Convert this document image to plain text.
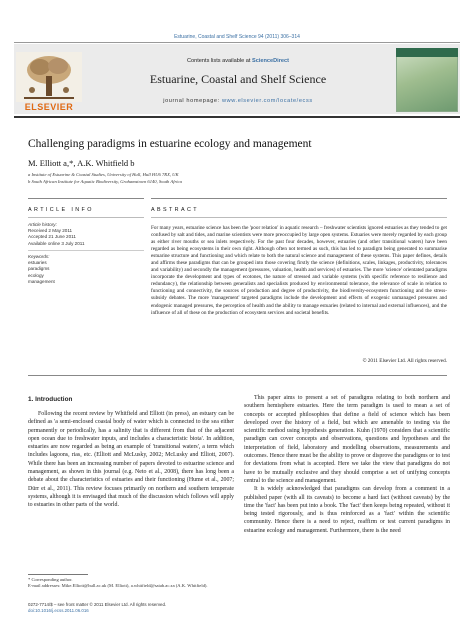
Estuarine, Coastal and Shelf Science 94 (2011) 306–314
ELSEVIER
Contents lists available at ScienceDirect
Estuarine, Coastal and Shelf Science
journal homepage: www.elsevier.com/locate/ecss
Challenging paradigms in estuarine ecology and management
M. Elliott a,*, A.K. Whitfield b
a Institute of Estuarine & Coastal Studies, University of Hull, Hull HU6 7RX, UK
b South African Institute for Aquatic Biodiversity, Grahamstown 6140, South Africa
ARTICLE INFO	ABSTRACT
Article history:
Received 2 May 2011
Accepted 21 June 2011
Available online 3 July 2011
Keywords:
estuaries
paradigms
ecology
management
For many years, estuarine science has been the 'poor relation' in aquatic research – freshwater scientists ignored estuaries as they tended to get confused by salt and tides, and marine scientists were more preoccupied by large open systems. Estuaries were merely regarded by each group as either river mouths or sea inlets respectively. For the past four decades, however, estuaries (and other transitional waters) have been regarded as being ecosystems in their own right. Although often not termed as such, this has led to paradigm being generated to summarise estuarine structure and functioning and which relate to both the natural science and management of these systems. This paper defines, details and affirms these paradigms that can be grouped into those covering firstly the science (definitions, scales, linkages, productivity, tolerances and variability) and secondly the management (pressures, valuation, health and services) of estuaries. The more 'science' orientated paradigms incorporate the development and types of ecotones, the nature of stressed and variable systems (with specific reference to resilience and redundancy), the relationship between generalists and specialists produced by environmental tolerance, the relevance of scale in relation to functioning and connectivity, the sources of production and degree of productivity, the biodiversity-ecosystem functioning and the stress-subsidy debates. The more 'management' targeted paradigms include the development and effects of exogenic unmanaged pressures and endogenic managed pressures, the perception of health and the ability to manage estuaries (related to internal and external influences), and the influence of all of these on the production of ecosystem services and societal benefits.
© 2011 Elsevier Ltd. All rights reserved.
1. Introduction

Following the recent review by Whitfield and Elliott (in press), an estuary can be defined as 'a semi-enclosed coastal body of water which is connected to the sea either permanently or periodically, has a salinity that is different from that of the adjacent open ocean due to freshwater inputs, and includes a characteristic biota'. In addition, estuaries are now regarded as being an example of 'transitional waters', a term which includes lagoons, rias, etc. (Elliott and McLusky, 2002; McLusky and Elliott, 2007). While there has been an increasing number of papers devoted to estuarine science and management, as shown in this journal (e.g. Neto et al., 2008), there has long been a debate about the characteristics of estuaries and their functioning (Hume et al., 2007; Dürr et al., 2011). This review focuses primarily on northern and southern temperate systems, although it is envisaged that much of the discussion which follows will apply to estuaries in other parts of the world.

This paper aims to present a set of paradigms relating to both northern and southern hemisphere estuaries. Here the term paradigm is used to mean a set of concepts or accepted philosophies that define a field of science which has been developed over the history of a field, but which are amenable to testing via the scientific method using hypothesis generation. Kuhn (1970) considers that a scientific paradigm can cover concepts and observations, questions and hypotheses and the interpretation of field, laboratory and modelling observations, measurements and outcomes. Hence there must be the ability to prove or disprove the paradigms or to test for deviations from what is accepted. Here we take the view that paradigms do not have to be mutually exclusive and they should comprise a set of unifying concepts central to the science and management.

It is widely acknowledged that paradigms can develop from a comment in a published paper (with all its caveats) to become a hard fact (without caveats) by the time the 'fact' has been put into a book. The 'fact' then keeps being repeated, without it being tested rigorously, and is thus reinforced as a 'fact' within the scientific community. Hence there is a need to reject, reaffirm or test current paradigms in estuarine ecology and management. Furthermore, there is the need

* Corresponding author.
E-mail addresses: Mike.Elliott@hull.ac.uk (M. Elliott), a.whitfield@saiab.ac.za (A.K. Whitfield).
0272-7714/$ – see front matter © 2011 Elsevier Ltd. All rights reserved.
doi:10.1016/j.ecss.2011.06.016
